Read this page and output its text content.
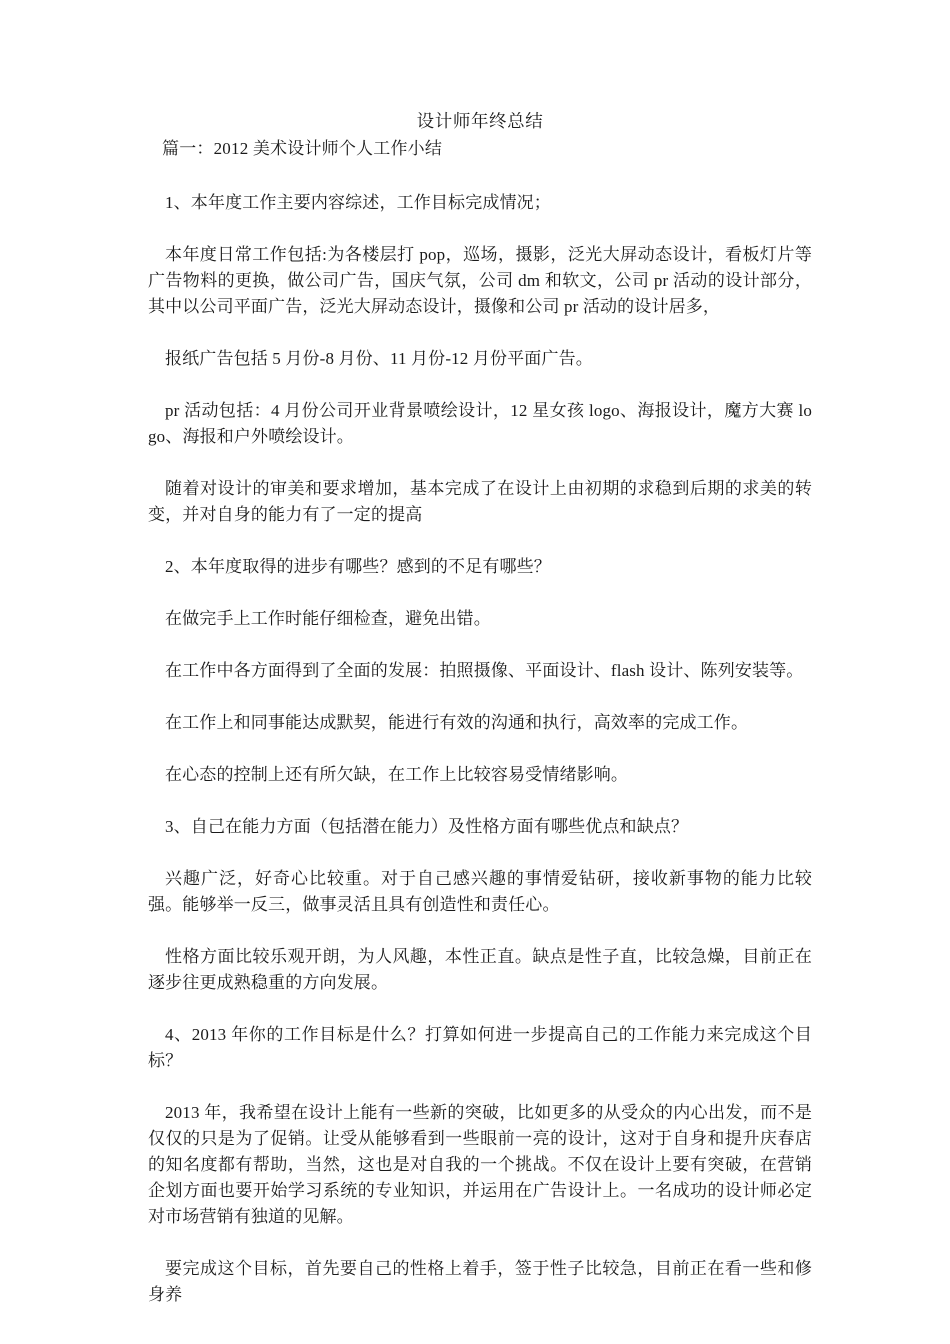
设计师年终总结
篇一：2012 美术设计师个人工作小结

1、本年度工作主要内容综述，工作目标完成情况；

本年度日常工作包括:为各楼层打 pop，巡场，摄影，泛光大屏动态设计，看板灯片等广告物料的更换，做公司广告，国庆气氛，公司 dm 和软文，公司 pr 活动的设计部分，其中以公司平面广告，泛光大屏动态设计，摄像和公司 pr 活动的设计居多，

报纸广告包括 5 月份-8 月份、11 月份-12 月份平面广告。

pr 活动包括：4 月份公司开业背景喷绘设计，12 星女孩 logo、海报设计，魔方大赛 logo、海报和户外喷绘设计。

随着对设计的审美和要求增加，基本完成了在设计上由初期的求稳到后期的求美的转变，并对自身的能力有了一定的提高

2、本年度取得的进步有哪些？感到的不足有哪些？

在做完手上工作时能仔细检查，避免出错。

在工作中各方面得到了全面的发展：拍照摄像、平面设计、flash 设计、陈列安装等。

在工作上和同事能达成默契，能进行有效的沟通和执行，高效率的完成工作。

在心态的控制上还有所欠缺，在工作上比较容易受情绪影响。

3、自己在能力方面（包括潜在能力）及性格方面有哪些优点和缺点？

兴趣广泛，好奇心比较重。对于自己感兴趣的事情爱钻研，接收新事物的能力比较强。能够举一反三，做事灵活且具有创造性和责任心。

性格方面比较乐观开朗，为人风趣，本性正直。缺点是性子直，比较急燥，目前正在逐步往更成熟稳重的方向发展。

4、2013 年你的工作目标是什么？打算如何进一步提高自己的工作能力来完成这个目标？

2013 年，我希望在设计上能有一些新的突破，比如更多的从受众的内心出发，而不是仅仅的只是为了促销。让受从能够看到一些眼前一亮的设计，这对于自身和提升庆春店的知名度都有帮助，当然，这也是对自我的一个挑战。不仅在设计上要有突破，在营销企划方面也要开始学习系统的专业知识，并运用在广告设计上。一名成功的设计师必定对市场营销有独道的见解。

要完成这个目标，首先要自己的性格上着手，签于性子比较急，目前正在看一些和修身养
